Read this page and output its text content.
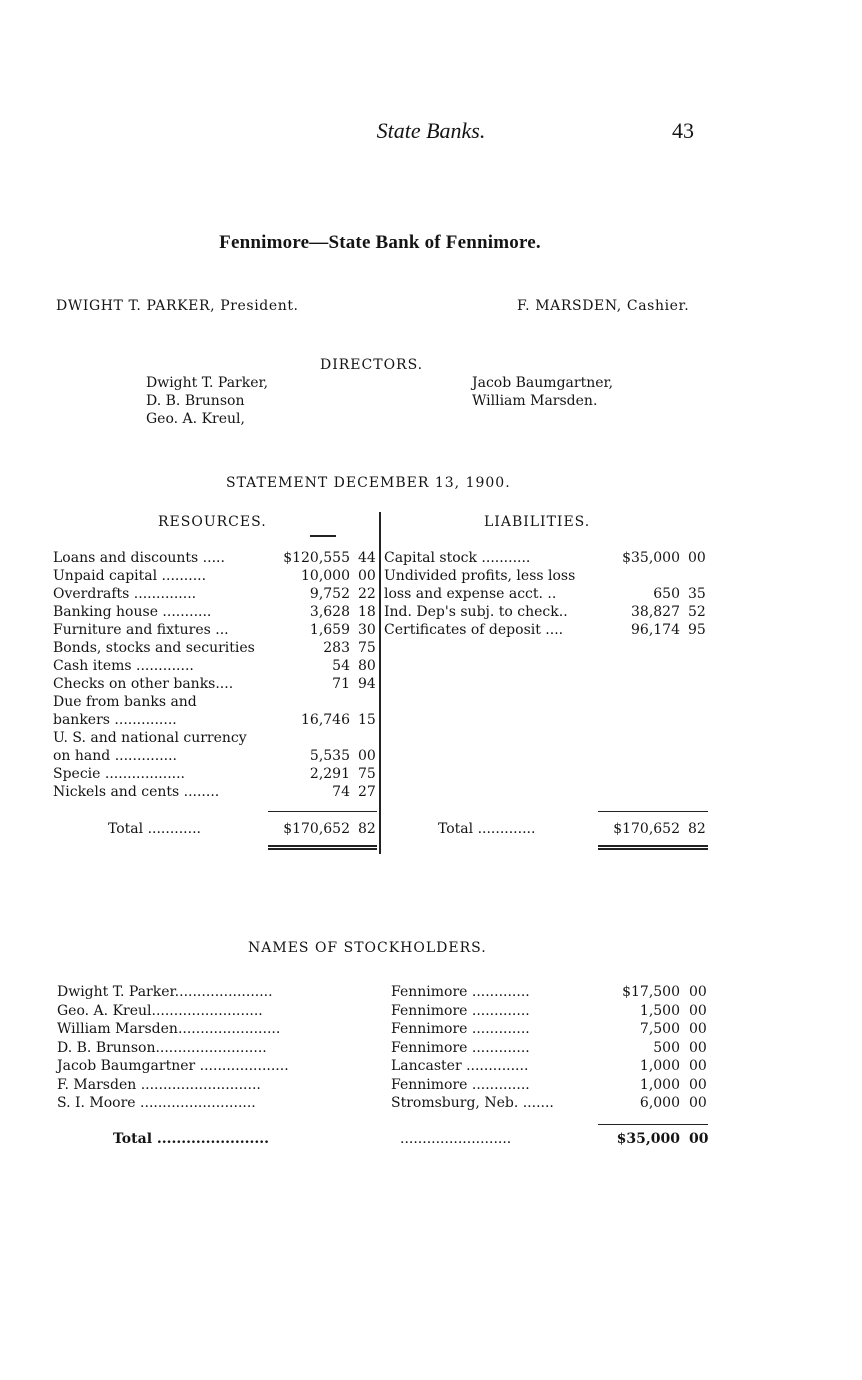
State Banks.	43
Fennimore—State Bank of Fennimore.
DWIGHT T. PARKER, President.	F. MARSDEN, Cashier.
DIRECTORS.
Dwight T. Parker,
D. B. Brunson
Geo. A. Kreul,
Jacob Baumgartner,
William Marsden.
STATEMENT DECEMBER 13, 1900.
RESOURCES.	LIABILITIES.
Loans and discounts .....	$120,555 44
Unpaid capital ..........	10,000 00
Overdrafts ..............	9,752 22
Banking house ...........	3,628 18
Furniture and fixtures ...	1,659 30
Bonds, stocks and securities	283 75
Cash items .............	54 80
Checks on other banks....	71 94
Due from banks and
bankers ..............	16,746 15
U. S. and national currency
on hand ..............	5,535 00
Specie ..................	2,291 75
Nickels and cents ........	74 27
Capital stock ...........	$35,000 00
Undivided profits, less loss
loss and expense acct. ..	650 35
Ind. Dep's subj. to check..	38,827 52
Certificates of deposit ....	96,174 95
Total ............	$170,652 82	Total .............	$170,652 82
NAMES OF STOCKHOLDERS.
Dwight T. Parker......................	Fennimore .............	$17,500 00
Geo. A. Kreul.........................	Fennimore .............	1,500 00
William Marsden.......................	Fennimore .............	7,500 00
D. B. Brunson.........................	Fennimore .............	500 00
Jacob Baumgartner ....................	Lancaster ..............	1,000 00
F. Marsden ...........................	Fennimore .............	1,000 00
S. I. Moore ..........................	Stromsburg, Neb. .......	6,000 00
Total .......................	.........................	$35,000 00
